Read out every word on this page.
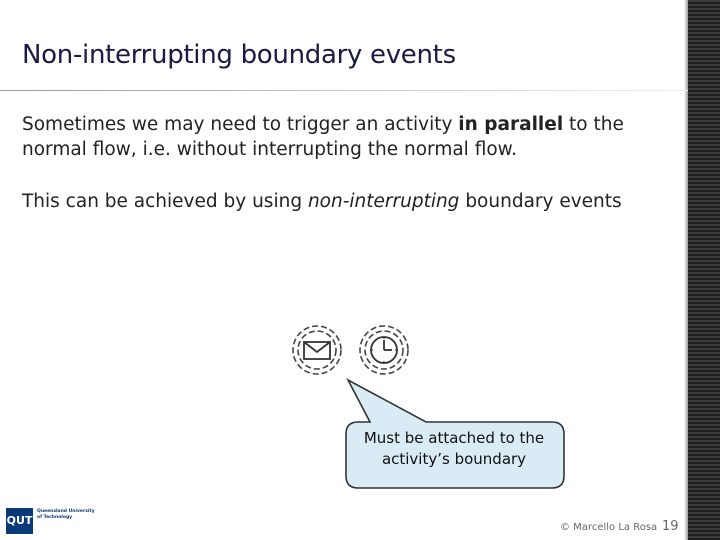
Non-interrupting boundary events

Sometimes we may need to trigger an activity in parallel to the normal flow, i.e. without interrupting the normal flow.

This can be achieved by using non-interrupting boundary events

Must be attached to the
activity’s boundary
QUT
Queensland University
of Technology
© Marcello La Rosa 19
